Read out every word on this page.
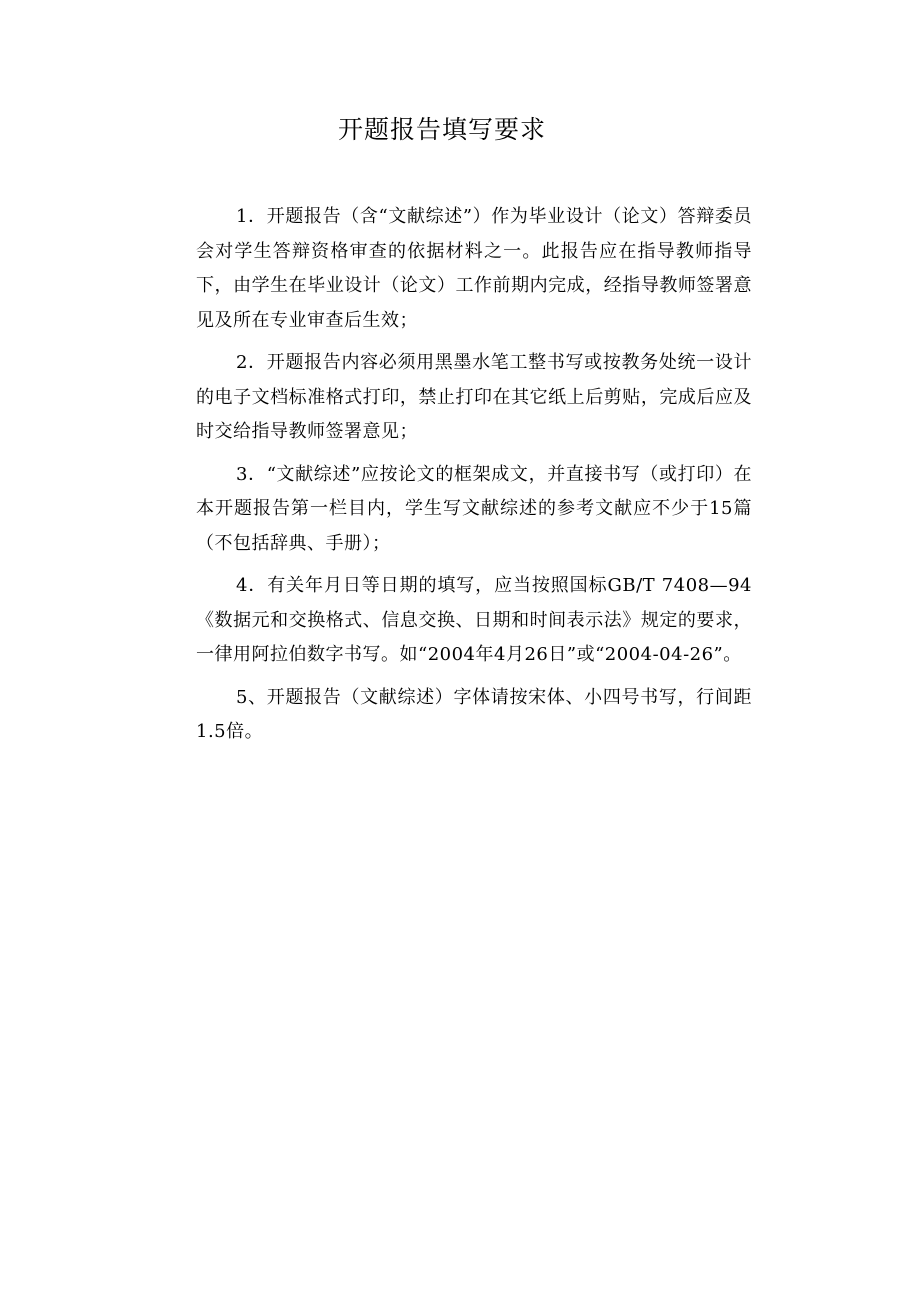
开题报告填写要求

1．开题报告（含“文献综述”）作为毕业设计（论文）答辩委员会对学生答辩资格审查的依据材料之一。此报告应在指导教师指导下，由学生在毕业设计（论文）工作前期内完成，经指导教师签署意见及所在专业审查后生效；

2．开题报告内容必须用黑墨水笔工整书写或按教务处统一设计的电子文档标准格式打印，禁止打印在其它纸上后剪贴，完成后应及时交给指导教师签署意见；

3．“文献综述”应按论文的框架成文，并直接书写（或打印）在本开题报告第一栏目内，学生写文献综述的参考文献应不少于15篇（不包括辞典、手册）；

4．有关年月日等日期的填写，应当按照国标GB/T 7408—94《数据元和交换格式、信息交换、日期和时间表示法》规定的要求，一律用阿拉伯数字书写。如“2004年4月26日”或“2004-04-26”。

5、开题报告（文献综述）字体请按宋体、小四号书写，行间距1.5倍。
